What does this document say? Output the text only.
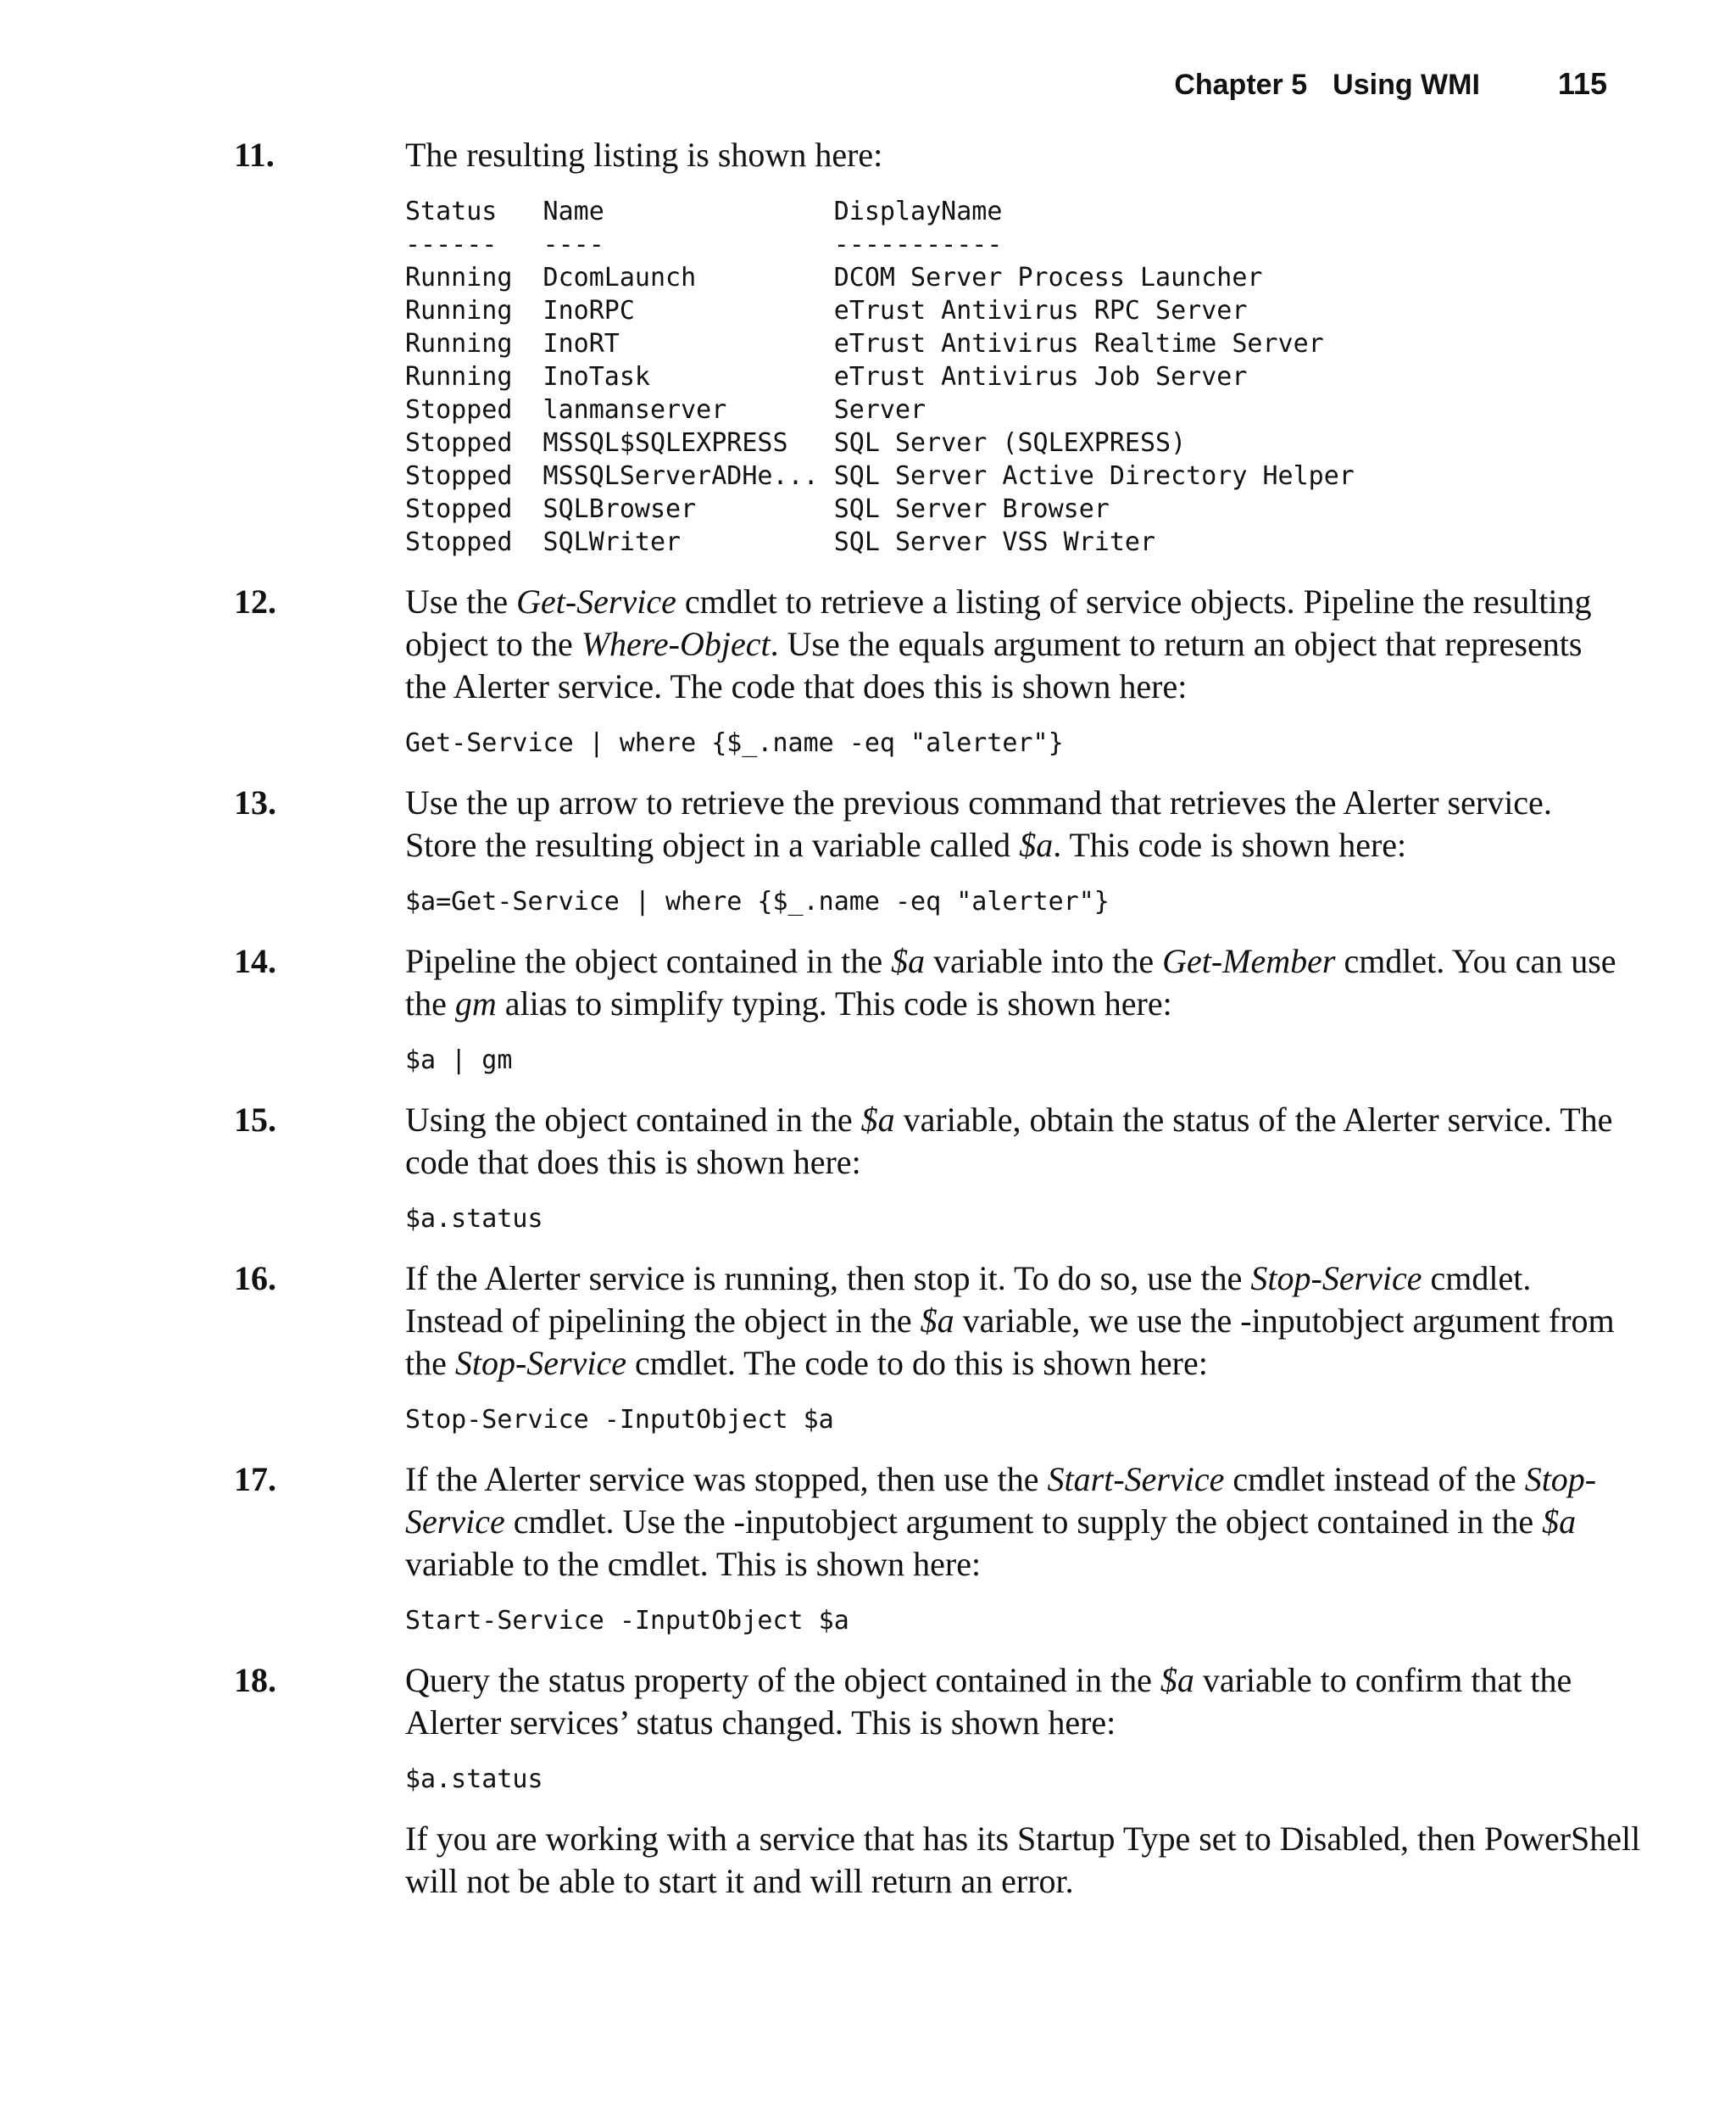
Chapter 5 Using WMI	115
11.	The resulting listing is shown here:
Status   Name               DisplayName
------   ----               -----------
Running  DcomLaunch         DCOM Server Process Launcher
Running  InoRPC             eTrust Antivirus RPC Server
Running  InoRT              eTrust Antivirus Realtime Server
Running  InoTask            eTrust Antivirus Job Server
Stopped  lanmanserver       Server
Stopped  MSSQL$SQLEXPRESS   SQL Server (SQLEXPRESS)
Stopped  MSSQLServerADHe... SQL Server Active Directory Helper
Stopped  SQLBrowser         SQL Server Browser
Stopped  SQLWriter          SQL Server VSS Writer
12.	Use the Get-Service cmdlet to retrieve a listing of service objects. Pipeline the resulting object to the Where-Object. Use the equals argument to return an object that represents the Alerter service. The code that does this is shown here:
Get-Service | where {$_.name -eq "alerter"}
13.	Use the up arrow to retrieve the previous command that retrieves the Alerter service. Store the resulting object in a variable called $a. This code is shown here:
$a=Get-Service | where {$_.name -eq "alerter"}
14.	Pipeline the object contained in the $a variable into the Get-Member cmdlet. You can use the gm alias to simplify typing. This code is shown here:
$a | gm
15.	Using the object contained in the $a variable, obtain the status of the Alerter service. The code that does this is shown here:
$a.status
16.	If the Alerter service is running, then stop it. To do so, use the Stop-Service cmdlet. Instead of pipelining the object in the $a variable, we use the -inputobject argument from the Stop-Service cmdlet. The code to do this is shown here:
Stop-Service -InputObject $a
17.	If the Alerter service was stopped, then use the Start-Service cmdlet instead of the Stop-Service cmdlet. Use the -inputobject argument to supply the object contained in the $a variable to the cmdlet. This is shown here:
Start-Service -InputObject $a
18.	Query the status property of the object contained in the $a variable to confirm that the Alerter services’ status changed. This is shown here:
$a.status
If you are working with a service that has its Startup Type set to Disabled, then PowerShell will not be able to start it and will return an error.
